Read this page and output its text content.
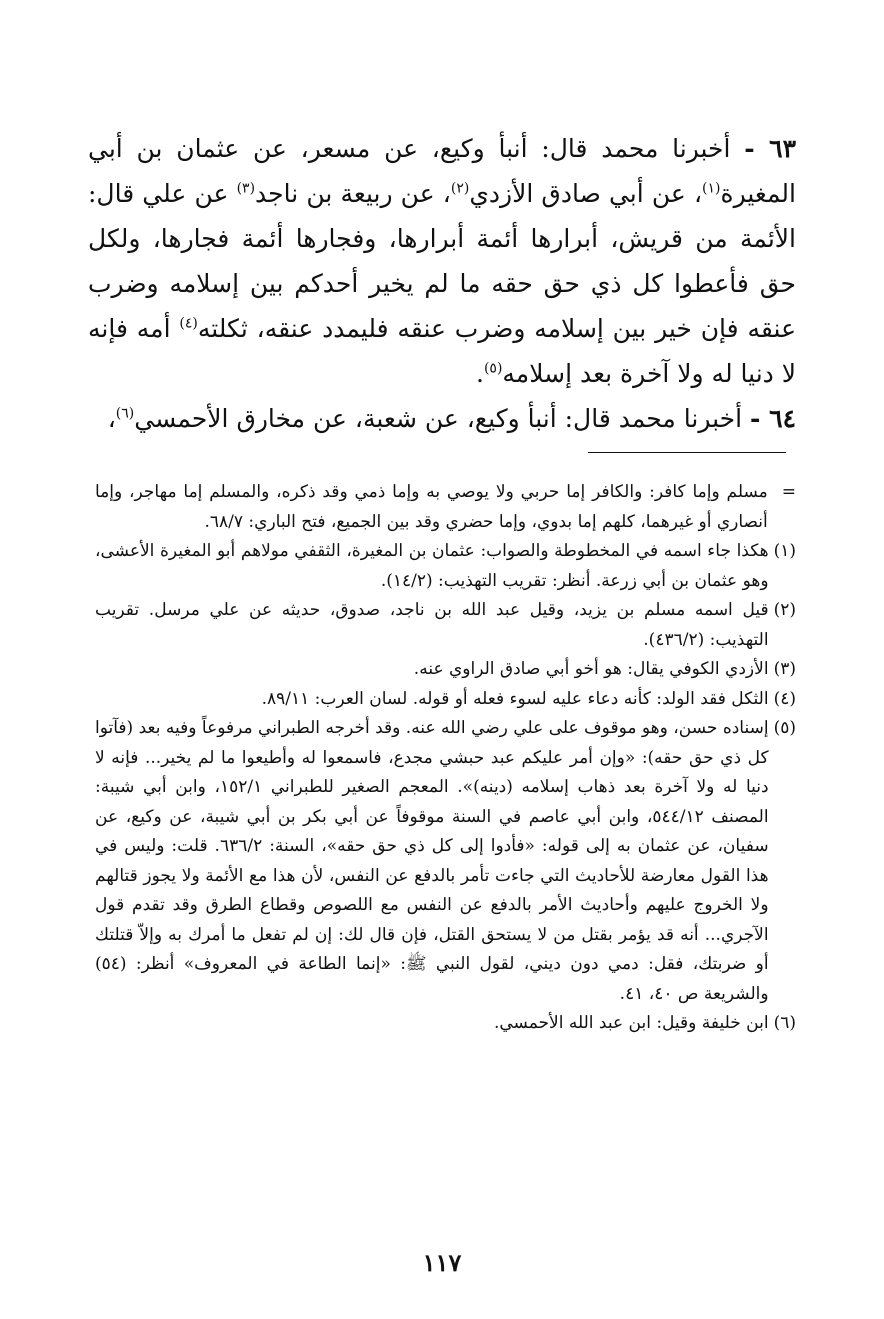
٦٣ - أخبرنا محمد قال: أنبأ وكيع، عن مسعر، عن عثمان بن أبي المغيرة$^{(١)}$، عن أبي صادق الأزدي$^{(٢)}$، عن ربيعة بن ناجد$^{(٣)}$ عن علي قال: الأئمة من قريش، أبرارها أئمة أبرارها، وفجارها أئمة فجارها، ولكل حق فأعطوا كل ذي حق حقه ما لم يخير أحدكم بين إسلامه وضرب عنقه فإن خير بين إسلامه وضرب عنقه فليمدد عنقه، ثكلته$^{(٤)}$ أمه فإنه لا دنيا له ولا آخرة بعد إسلامه$^{(٥)}$.

٦٤ - أخبرنا محمد قال: أنبأ وكيع، عن شعبة، عن مخارق الأحمسي$^{(٦)}$،

=
مسلم وإما كافر: والكافر إما حربي ولا يوصي به وإما ذمي وقد ذكره، والمسلم إما مهاجر، وإما أنصاري أو غيرهما، كلهم إما بدوي، وإما حضري وقد بين الجميع، فتح الباري: ٦٨/٧.
(١)
هكذا جاء اسمه في المخطوطة والصواب: عثمان بن المغيرة، الثقفي مولاهم أبو المغيرة الأعشى، وهو عثمان بن أبي زرعة. أنظر: تقريب التهذيب: (١٤/٢).
(٢)
قيل اسمه مسلم بن يزيد، وقيل عبد الله بن ناجد، صدوق، حديثه عن علي مرسل. تقريب التهذيب: (٤٣٦/٢).
(٣)
الأزدي الكوفي يقال: هو أخو أبي صادق الراوي عنه.
(٤)
الثكل فقد الولد: كأنه دعاء عليه لسوء فعله أو قوله. لسان العرب: ٨٩/١١.
(٥)
إسناده حسن، وهو موقوف على علي رضي الله عنه. وقد أخرجه الطبراني مرفوعاً وفيه بعد (فآتوا كل ذي حق حقه): «وإن أمر عليكم عبد حبشي مجدع، فاسمعوا له وأطيعوا ما لم يخير... فإنه لا دنيا له ولا آخرة بعد ذهاب إسلامه (دينه)». المعجم الصغير للطبراني ١٥٢/١، وابن أبي شيبة: المصنف ٥٤٤/١٢، وابن أبي عاصم في السنة موقوفاً عن أبي بكر بن أبي شيبة، عن وكيع، عن سفيان، عن عثمان به إلى قوله: «فأدوا إلى كل ذي حق حقه»، السنة: ٦٣٦/٢. قلت: وليس في هذا القول معارضة للأحاديث التي جاءت تأمر بالدفع عن النفس، لأن هذا مع الأئمة ولا يجوز قتالهم ولا الخروج عليهم وأحاديث الأمر بالدفع عن النفس مع اللصوص وقطاع الطرق وقد تقدم قول الآجري... أنه قد يؤمر بقتل من لا يستحق القتل، فإن قال لك: إن لم تفعل ما أمرك به وإلاّ قتلتك أو ضربتك، فقل: دمي دون ديني، لقول النبي ﷺ: «إنما الطاعة في المعروف» أنظر: (٥٤) والشريعة ص ٤٠، ٤١.
(٦)
ابن خليفة وقيل: ابن عبد الله الأحمسي.
١١٧
